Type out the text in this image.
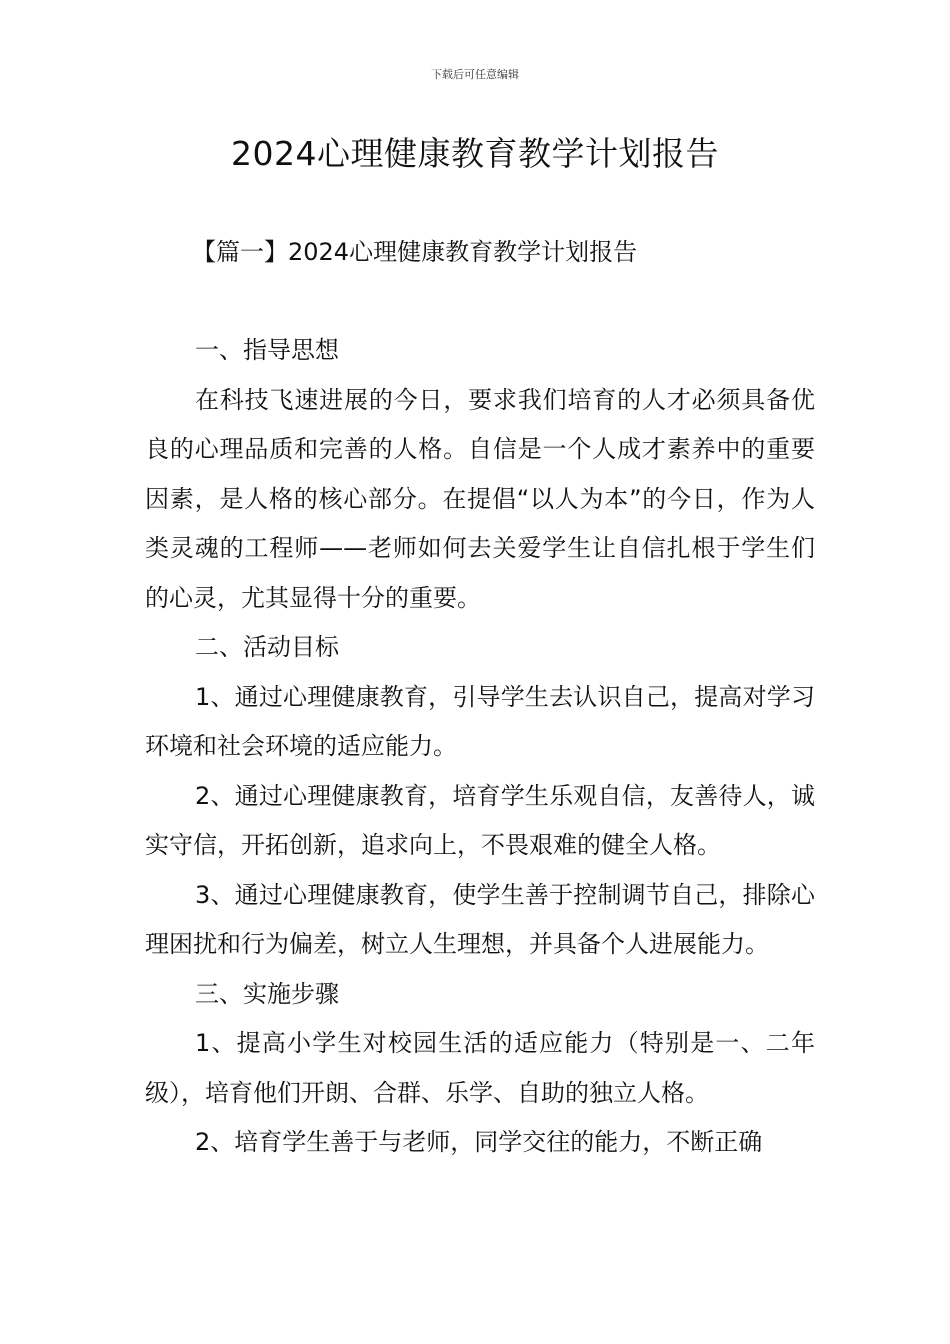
下载后可任意编辑
2024心理健康教育教学计划报告
【篇一】2024心理健康教育教学计划报告

一、指导思想

在科技飞速进展的今日，要求我们培育的人才必须具备优良的心理品质和完善的人格。自信是一个人成才素养中的重要因素，是人格的核心部分。在提倡“以人为本”的今日，作为人类灵魂的工程师——老师如何去关爱学生让自信扎根于学生们的心灵，尤其显得十分的重要。

二、活动目标

1、通过心理健康教育，引导学生去认识自己，提高对学习环境和社会环境的适应能力。

2、通过心理健康教育，培育学生乐观自信，友善待人，诚实守信，开拓创新，追求向上，不畏艰难的健全人格。

3、通过心理健康教育，使学生善于控制调节自己，排除心理困扰和行为偏差，树立人生理想，并具备个人进展能力。

三、实施步骤

1、提高小学生对校园生活的适应能力（特别是一、二年级），培育他们开朗、合群、乐学、自助的独立人格。

2、培育学生善于与老师，同学交往的能力，不断正确
